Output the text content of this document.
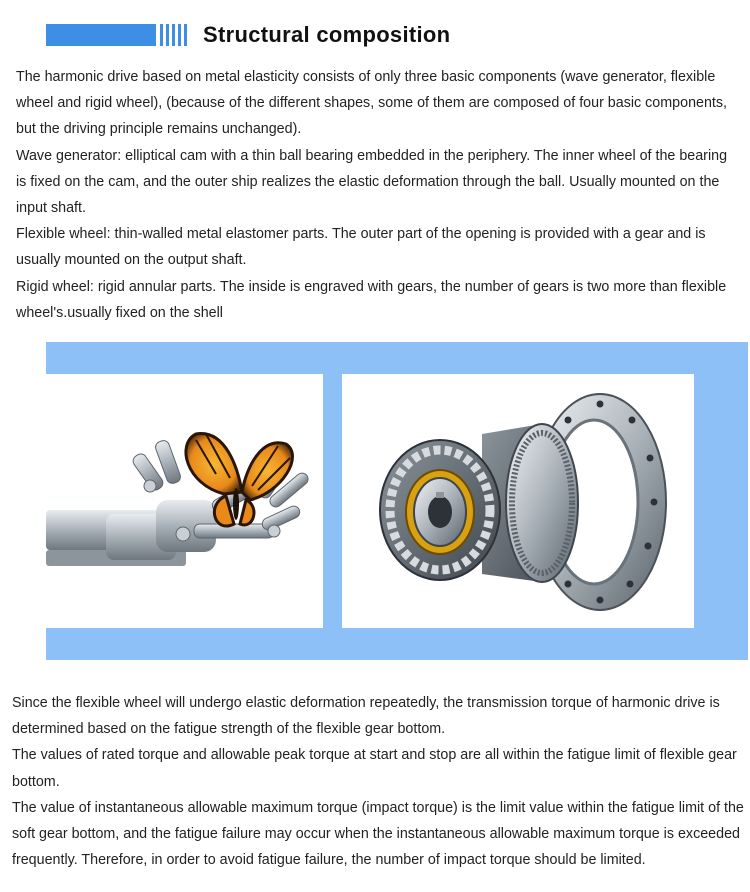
Structural composition

The harmonic drive based on metal elasticity consists of only three basic components (wave generator, flexible wheel and rigid wheel), (because of the different shapes, some of them are composed of four basic components, but the driving principle remains unchanged).

Wave generator: elliptical cam with a thin ball bearing embedded in the periphery. The inner wheel of the bearing is fixed on the cam, and the outer ship realizes the elastic deformation through the ball. Usually mounted on the input shaft.

Flexible wheel: thin-walled metal elastomer parts. The outer part of the opening is provided with a gear and is usually mounted on the output shaft.

Rigid wheel: rigid annular parts. The inside is engraved with gears, the number of gears is two more than flexible wheel's.usually fixed on the shell

Since the flexible wheel will undergo elastic deformation repeatedly, the transmission torque of harmonic drive is determined based on the fatigue strength of the flexible gear bottom.

The values of rated torque and allowable peak torque at start and stop are all within the fatigue limit of flexible gear bottom.

The value of instantaneous allowable maximum torque (impact torque) is the limit value within the fatigue limit of the soft gear bottom, and the fatigue failure may occur when the instantaneous allowable maximum torque is exceeded frequently. Therefore, in order to avoid fatigue failure, the number of impact torque should be limited.
